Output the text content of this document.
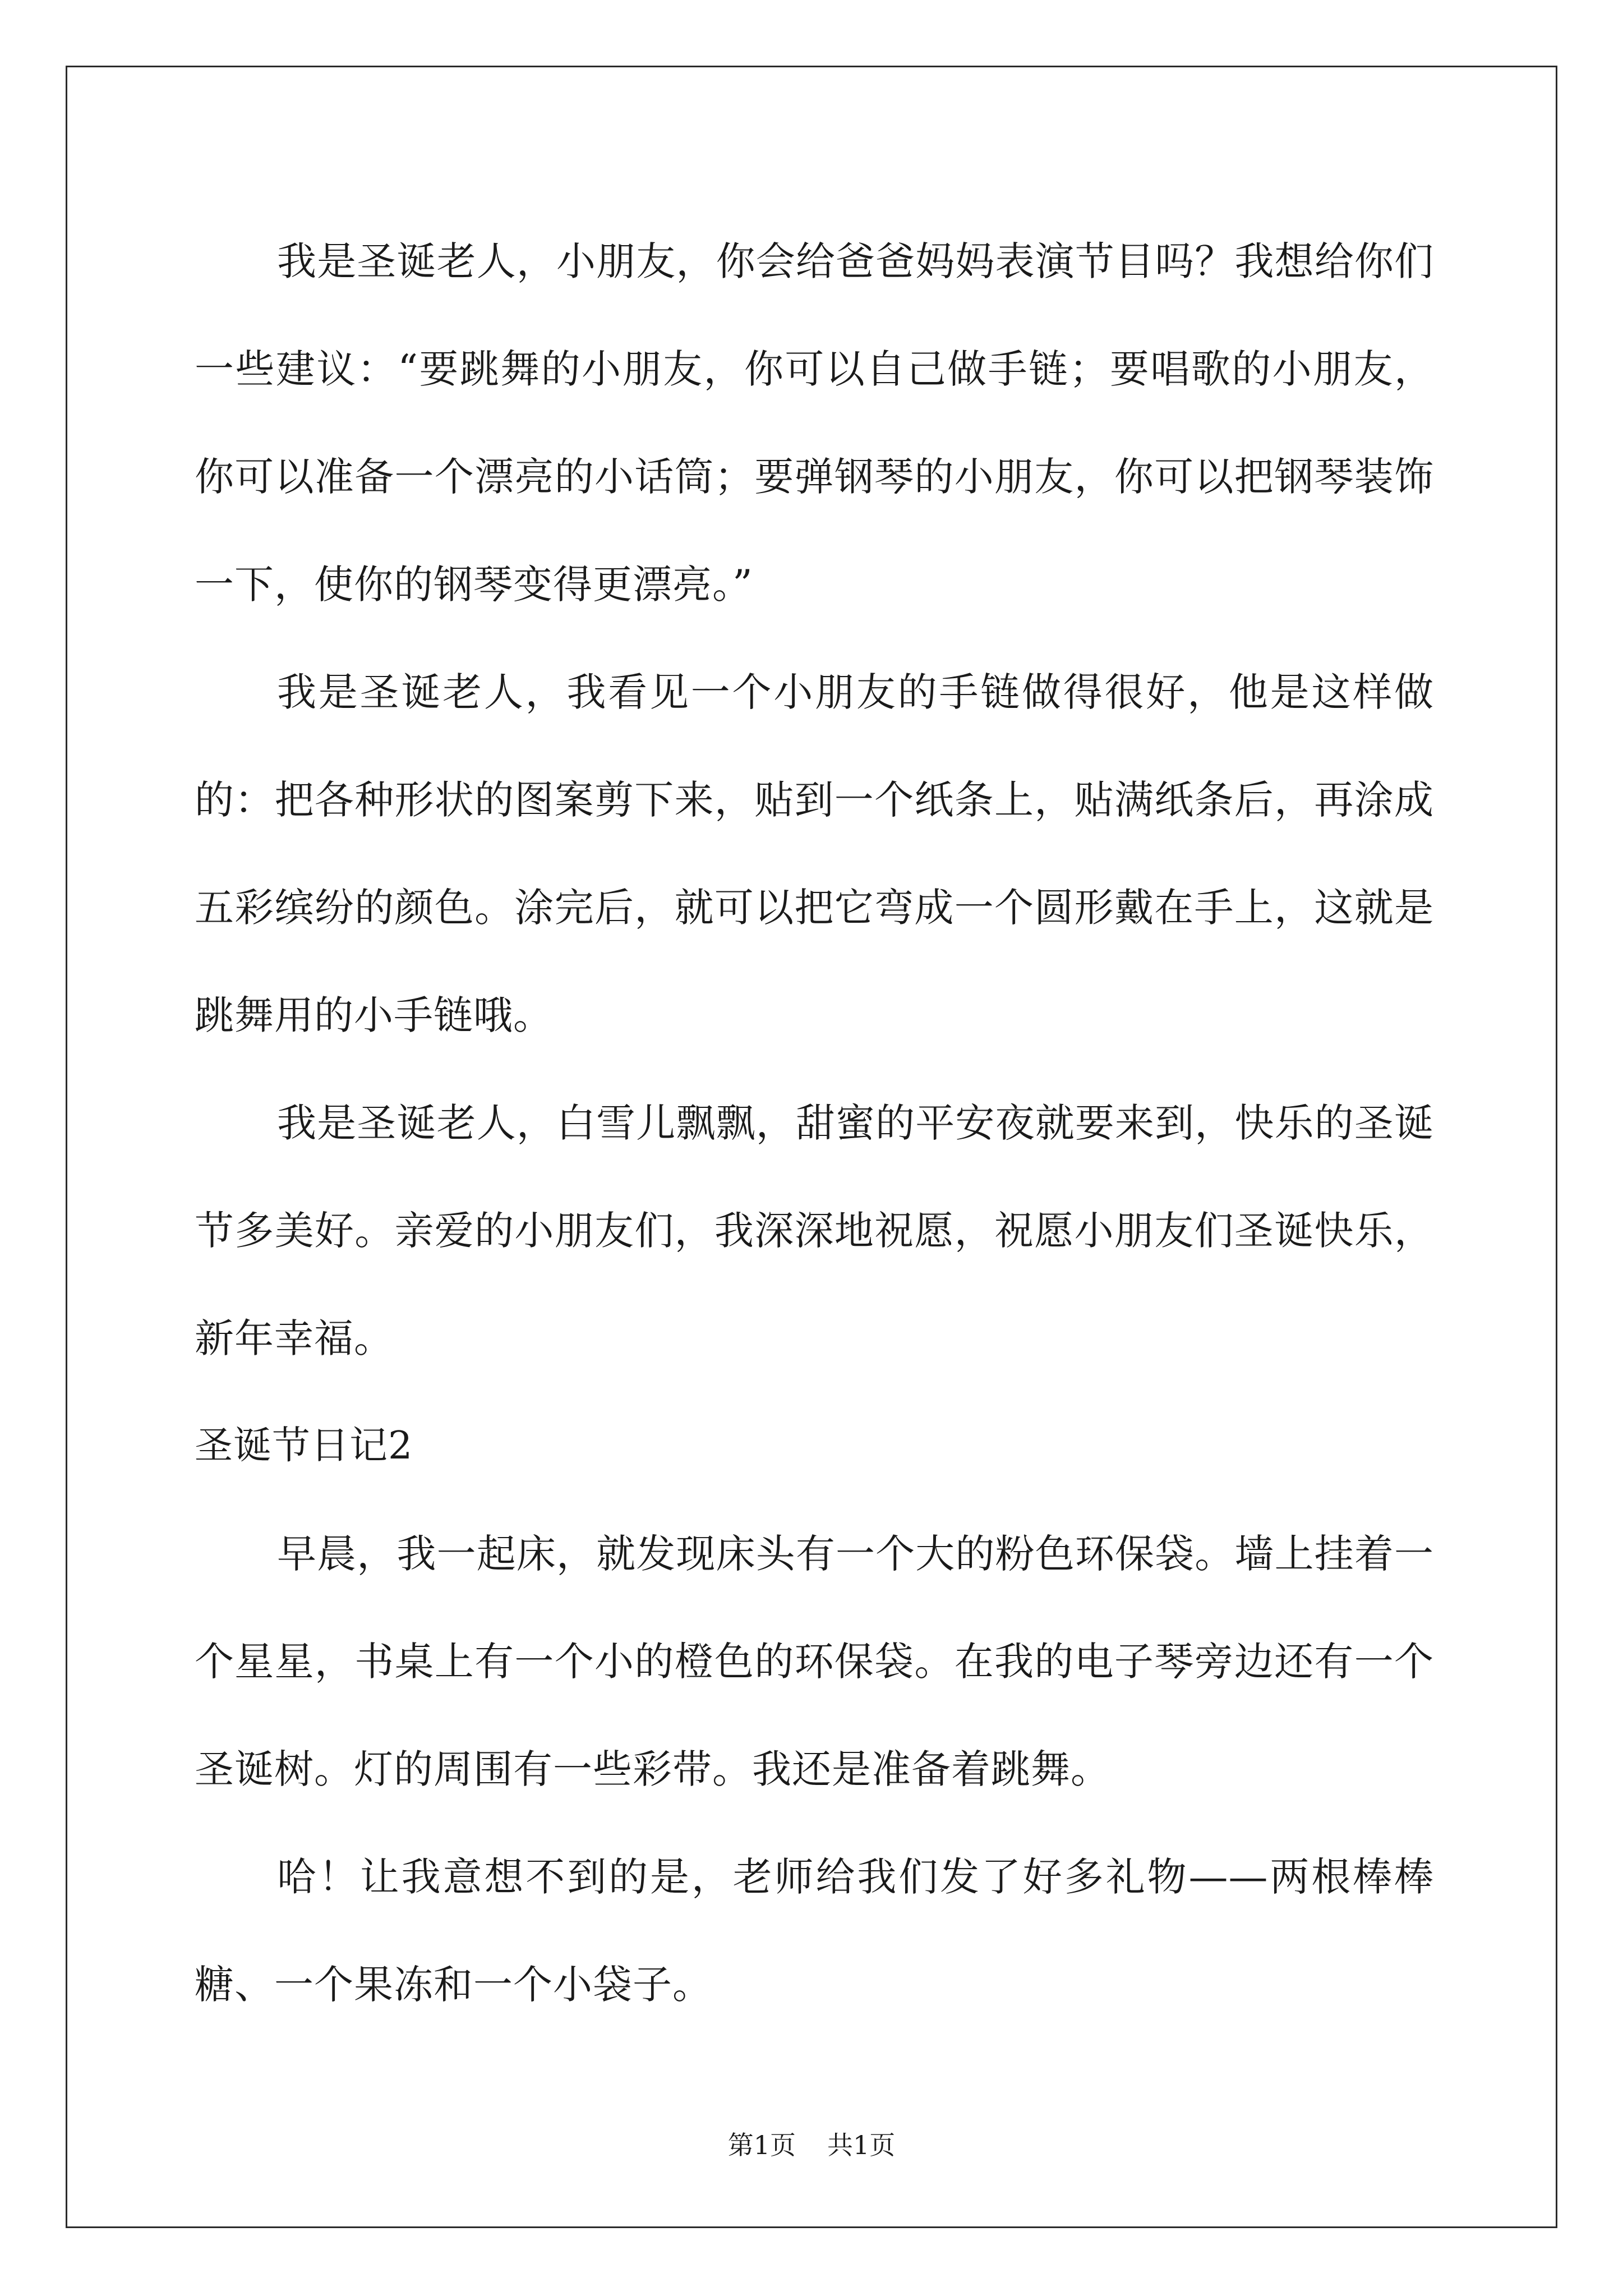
我是圣诞老人，小朋友，你会给爸爸妈妈表演节目吗？我想给你们一些建议：“要跳舞的小朋友，你可以自己做手链；要唱歌的小朋友，你可以准备一个漂亮的小话筒；要弹钢琴的小朋友，你可以把钢琴装饰一下，使你的钢琴变得更漂亮。”

我是圣诞老人，我看见一个小朋友的手链做得很好，他是这样做的：把各种形状的图案剪下来，贴到一个纸条上，贴满纸条后，再涂成五彩缤纷的颜色。涂完后，就可以把它弯成一个圆形戴在手上，这就是跳舞用的小手链哦。

我是圣诞老人，白雪儿飘飘，甜蜜的平安夜就要来到，快乐的圣诞节多美好。亲爱的小朋友们，我深深地祝愿，祝愿小朋友们圣诞快乐，新年幸福。

圣诞节日记2

早晨，我一起床，就发现床头有一个大的粉色环保袋。墙上挂着一个星星，书桌上有一个小的橙色的环保袋。在我的电子琴旁边还有一个圣诞树。灯的周围有一些彩带。我还是准备着跳舞。

哈！让我意想不到的是，老师给我们发了好多礼物——两根棒棒糖、一个果冻和一个小袋子。

第1页 共1页
